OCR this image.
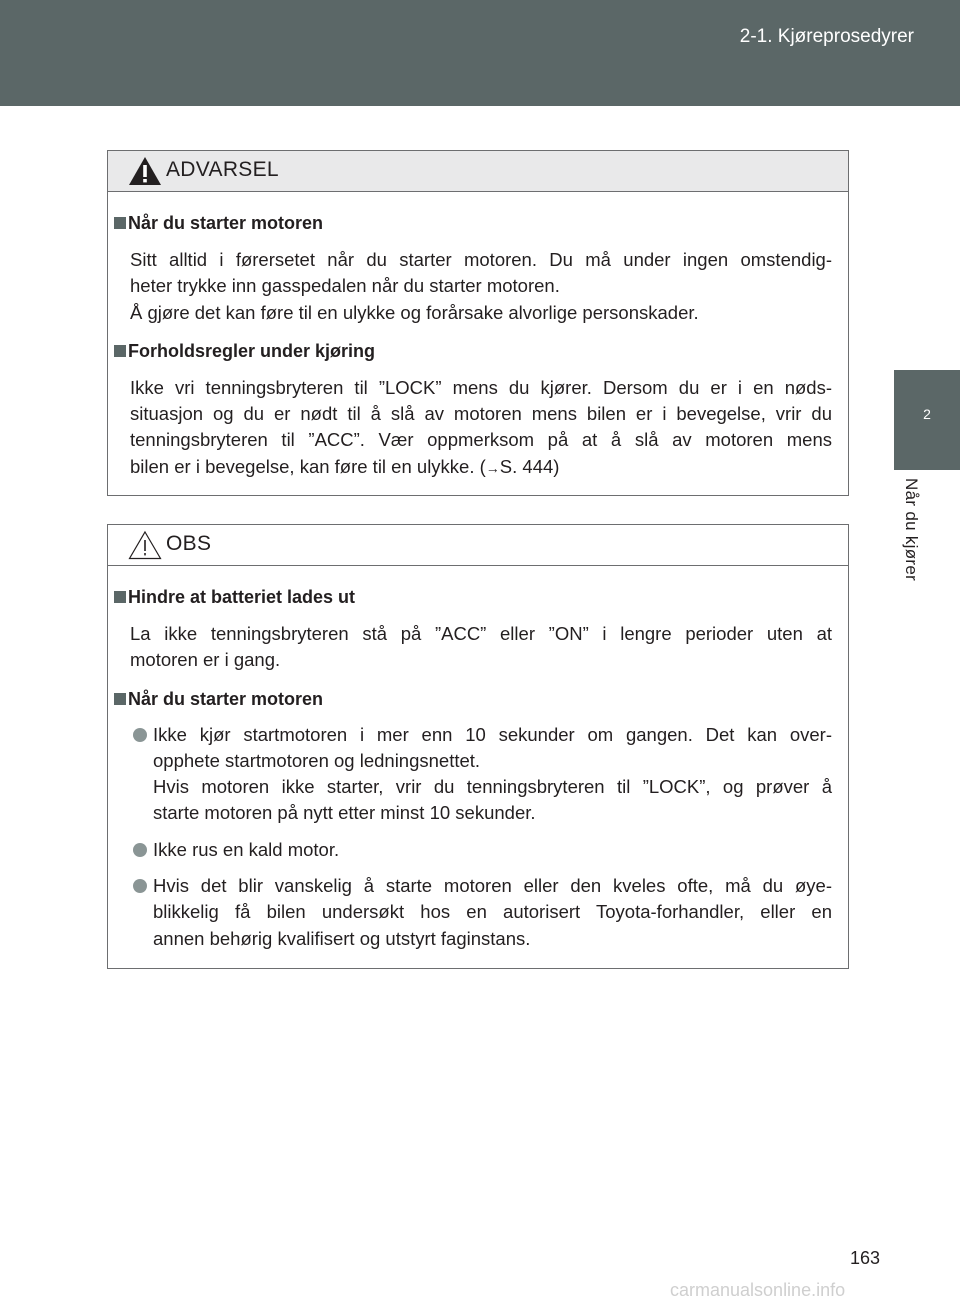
2-1. Kjøreprosedyrer
2
Når du kjører
ADVARSEL
Når du starter motoren
Sitt alltid i førersetet når du starter motoren. Du må under ingen omstendig-
heter trykke inn gasspedalen når du starter motoren.
Å gjøre det kan føre til en ulykke og forårsake alvorlige personskader.
Forholdsregler under kjøring
Ikke vri tenningsbryteren til ”LOCK” mens du kjører. Dersom du er i en nøds-
situasjon og du er nødt til å slå av motoren mens bilen er i bevegelse, vrir du
tenningsbryteren til ”ACC”. Vær oppmerksom på at å slå av motoren mens
bilen er i bevegelse, kan føre til en ulykke. (→S. 444)
OBS
Hindre at batteriet lades ut
La ikke tenningsbryteren stå på ”ACC” eller ”ON” i lengre perioder uten at
motoren er i gang.
Når du starter motoren
Ikke kjør startmotoren i mer enn 10 sekunder om gangen. Det kan over-
opphete startmotoren og ledningsnettet.
Hvis motoren ikke starter, vrir du tenningsbryteren til ”LOCK”, og prøver å
starte motoren på nytt etter minst 10 sekunder.
Ikke rus en kald motor.
Hvis det blir vanskelig å starte motoren eller den kveles ofte, må du øye-
blikkelig få bilen undersøkt hos en autorisert Toyota-forhandler, eller en
annen behørig kvalifisert og utstyrt faginstans.
163
carmanualsonline.info
